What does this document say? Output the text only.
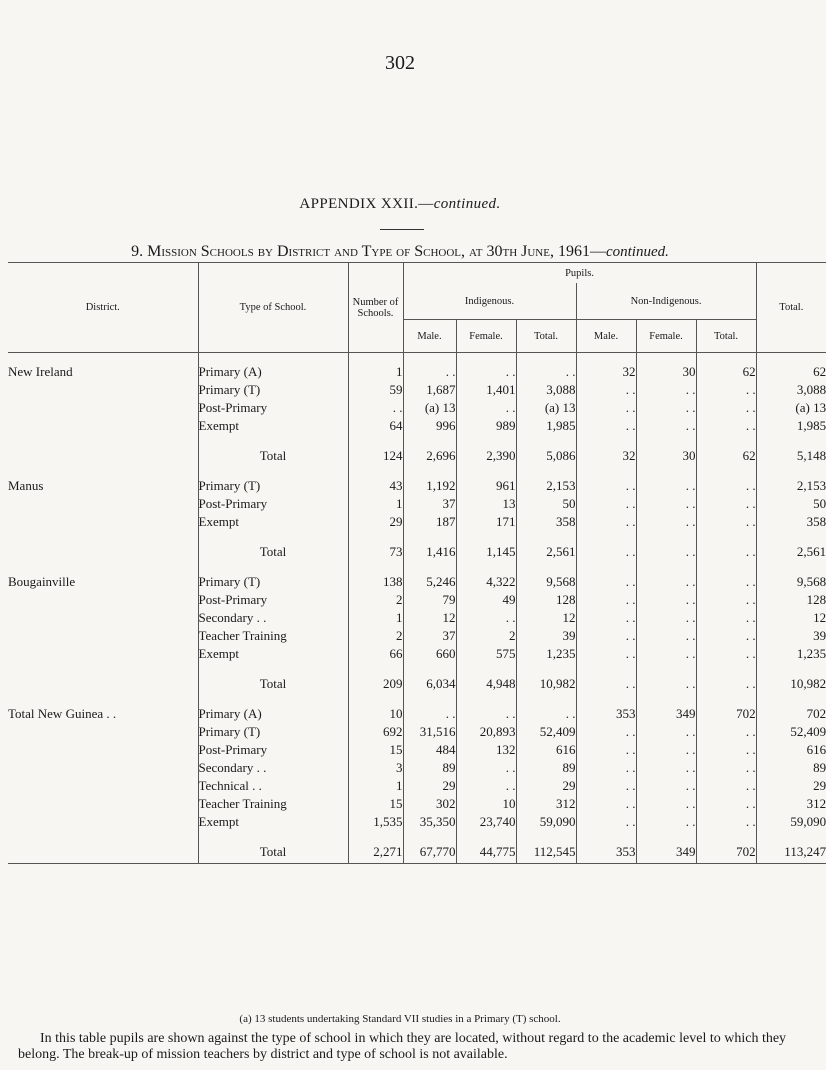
302
APPENDIX XXII.—continued.
9. Mission Schools by District and Type of School, at 30th June, 1961—continued.
District.	Type of School.	Number of Schools.	Pupils.						Total.
			Indigenous.			Non-Indigenous.			
			Male.	Female.	Total.	Male.	Female.	Total.	

New Ireland	Primary (A)	1	. .	. .	. .	32	30	62	62
	Primary (T)	59	1,687	1,401	3,088	. .	. .	. .	3,088
	Post-Primary	. .	(a) 13	. .	(a) 13	. .	. .	. .	(a) 13
	Exempt	64	996	989	1,985	. .	. .	. .	1,985

	Total	124	2,696	2,390	5,086	32	30	62	5,148

Manus	Primary (T)	43	1,192	961	2,153	. .	. .	. .	2,153
	Post-Primary	1	37	13	50	. .	. .	. .	50
	Exempt	29	187	171	358	. .	. .	. .	358

	Total	73	1,416	1,145	2,561	. .	. .	. .	2,561

Bougainville	Primary (T)	138	5,246	4,322	9,568	. .	. .	. .	9,568
	Post-Primary	2	79	49	128	. .	. .	. .	128
	Secondary . .	1	12	. .	12	. .	. .	. .	12
	Teacher Training	2	37	2	39	. .	. .	. .	39
	Exempt	66	660	575	1,235	. .	. .	. .	1,235

	Total	209	6,034	4,948	10,982	. .	. .	. .	10,982

Total New Guinea . .	Primary (A)	10	. .	. .	. .	353	349	702	702
	Primary (T)	692	31,516	20,893	52,409	. .	. .	. .	52,409
	Post-Primary	15	484	132	616	. .	. .	. .	616
	Secondary . .	3	89	. .	89	. .	. .	. .	89
	Technical . .	1	29	. .	29	. .	. .	. .	29
	Teacher Training	15	302	10	312	. .	. .	. .	312
	Exempt	1,535	35,350	23,740	59,090	. .	. .	. .	59,090

	Total	2,271	67,770	44,775	112,545	353	349	702	113,247
(a) 13 students undertaking Standard VII studies in a Primary (T) school.
In this table pupils are shown against the type of school in which they are located, without regard to the academic level to which they belong. The break-up of mission teachers by district and type of school is not available.
